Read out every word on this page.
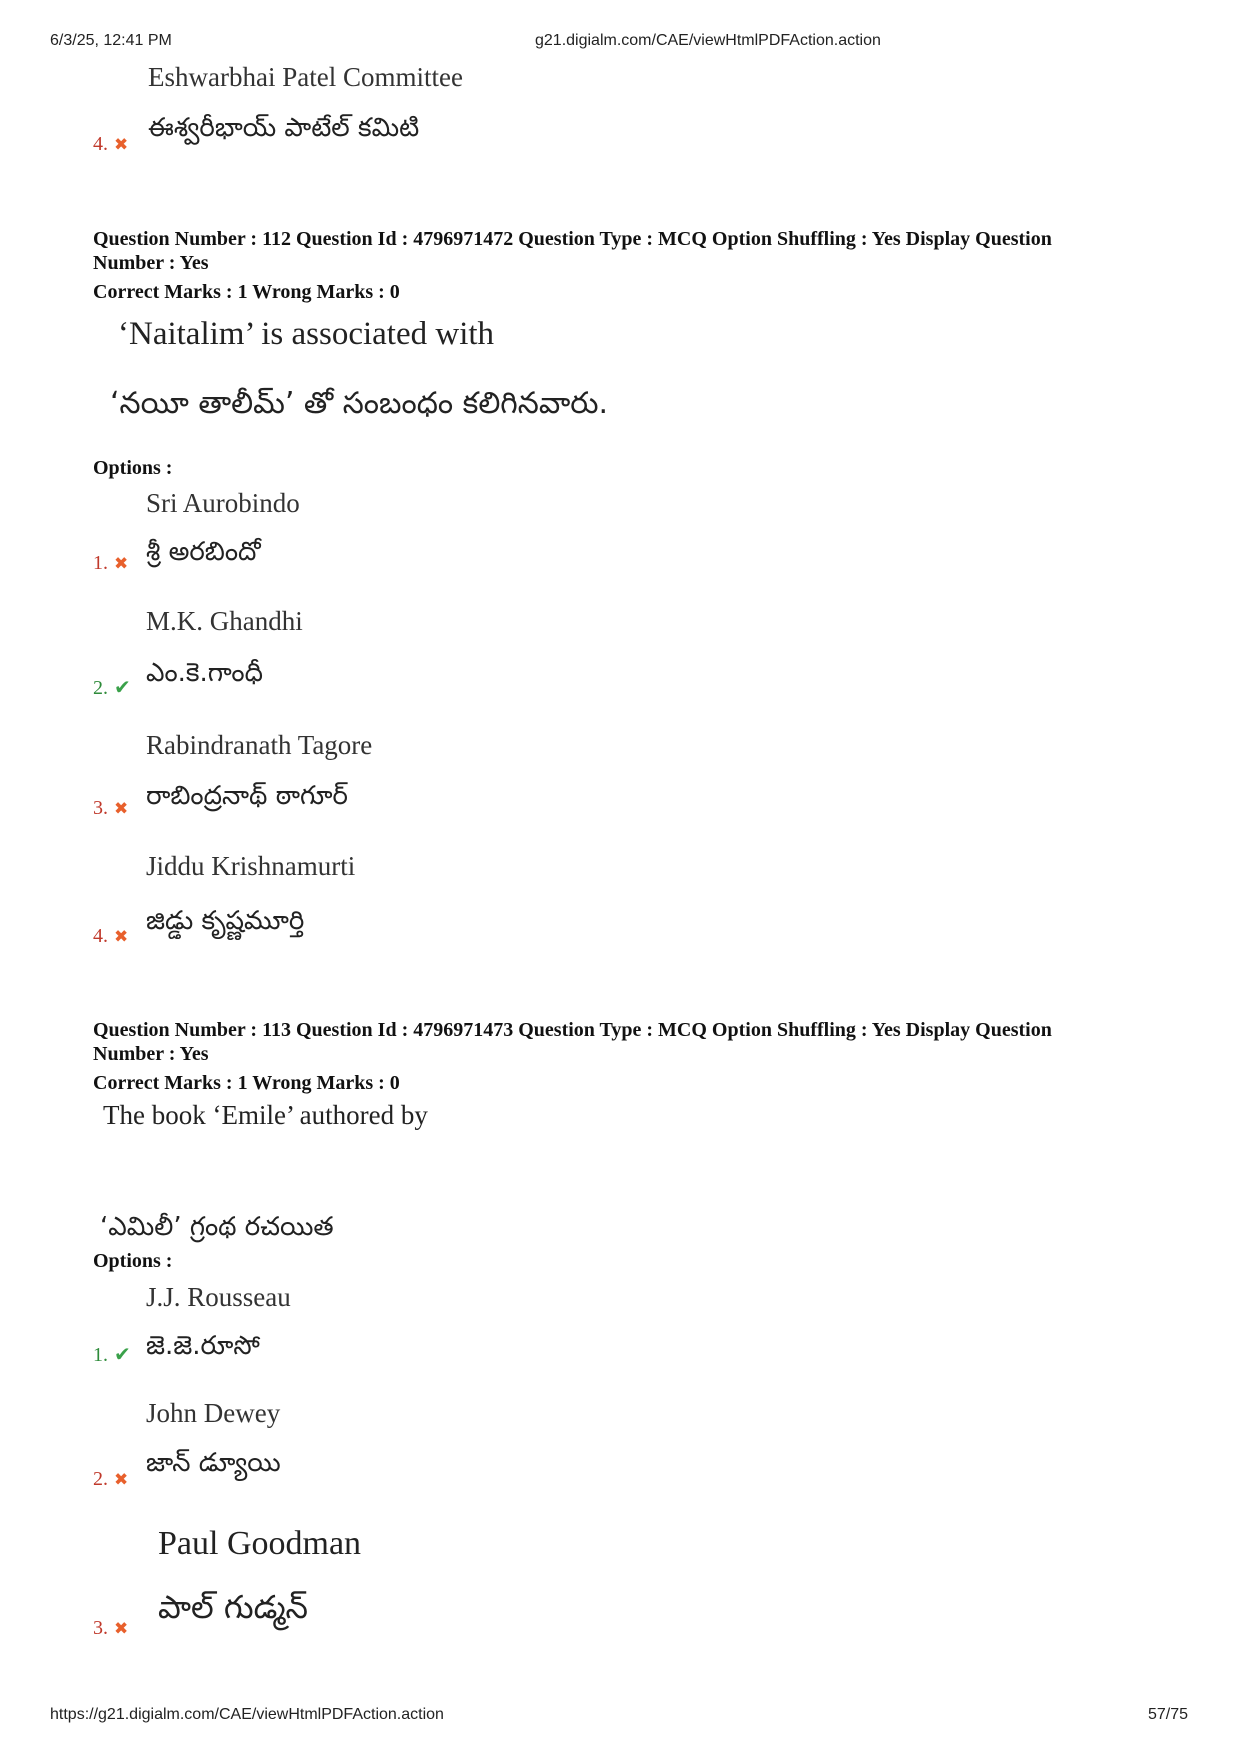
6/3/25, 12:41 PM	g21.digialm.com/CAE/viewHtmlPDFAction.action
Eshwarbhai Patel Committee
ఈశ్వరీభాయ్ పాటేల్ కమిటి
4. ✖
Question Number : 112 Question Id : 4796971472 Question Type : MCQ Option Shuffling : Yes Display Question
Number : Yes
Correct Marks : 1 Wrong Marks : 0
‘Naitalim’ is associated with
‘నయీ తాలీమ్’ తో సంబంధం కలిగినవారు.
Options :
Sri Aurobindo
శ్రీ అరబిందో
1. ✖
M.K. Ghandhi
ఎం.కె.గాంధీ
2. ✔
Rabindranath Tagore
రాబింద్రనాథ్ ఠాగూర్
3. ✖
Jiddu Krishnamurti
జిడ్డు కృష్ణమూర్తి
4. ✖
Question Number : 113 Question Id : 4796971473 Question Type : MCQ Option Shuffling : Yes Display Question
Number : Yes
Correct Marks : 1 Wrong Marks : 0
The book ‘Emile’ authored by
‘ఎమిలీ’ గ్రంథ రచయిత
Options :
J.J. Rousseau
జె.జె.రూసో
1. ✔
John Dewey
జాన్ డ్యూయి
2. ✖
Paul Goodman
పాల్ గుడ్మన్
3. ✖
https://g21.digialm.com/CAE/viewHtmlPDFAction.action	57/75
